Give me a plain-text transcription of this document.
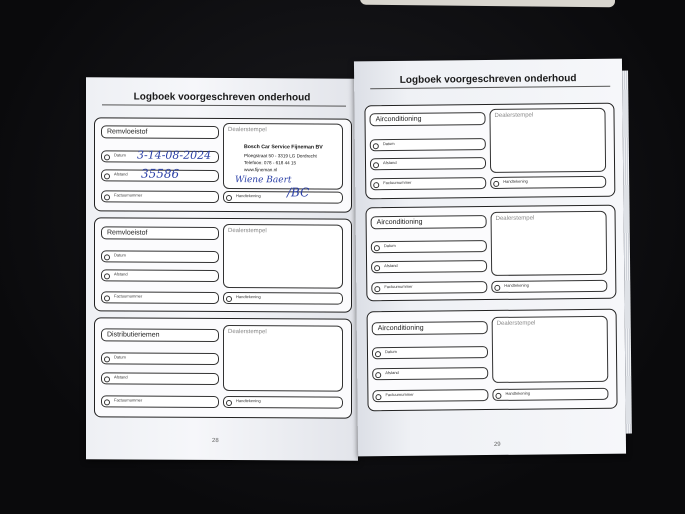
Logboek voorgeschreven onderhoud
Remvloeistof
Datum
Afstand
Factuurnummer
Dealerstempel
Bosch Car Service Fijneman BV
Ploegstraat 50 - 3319 LG Dordrecht
Telefoon: 078 - 618 44 15
www.fijneman.nl
Handtekening
3-14-08-2024
35586	Wiene Baert
/BC
Remvloeistof
Datum
Afstand
Factuurnummer
Dealerstempel
Handtekening
Distributieriemen
Datum
Afstand
Factuurnummer
Dealerstempel
Handtekening
28
Logboek voorgeschreven onderhoud
Airconditioning
Datum
Afstand
Factuurnummer
Dealerstempel
Handtekening
Airconditioning
Datum
Afstand
Factuurnummer
Dealerstempel
Handtekening
Airconditioning
Datum
Afstand
Factuurnummer
Dealerstempel
Handtekening
29
